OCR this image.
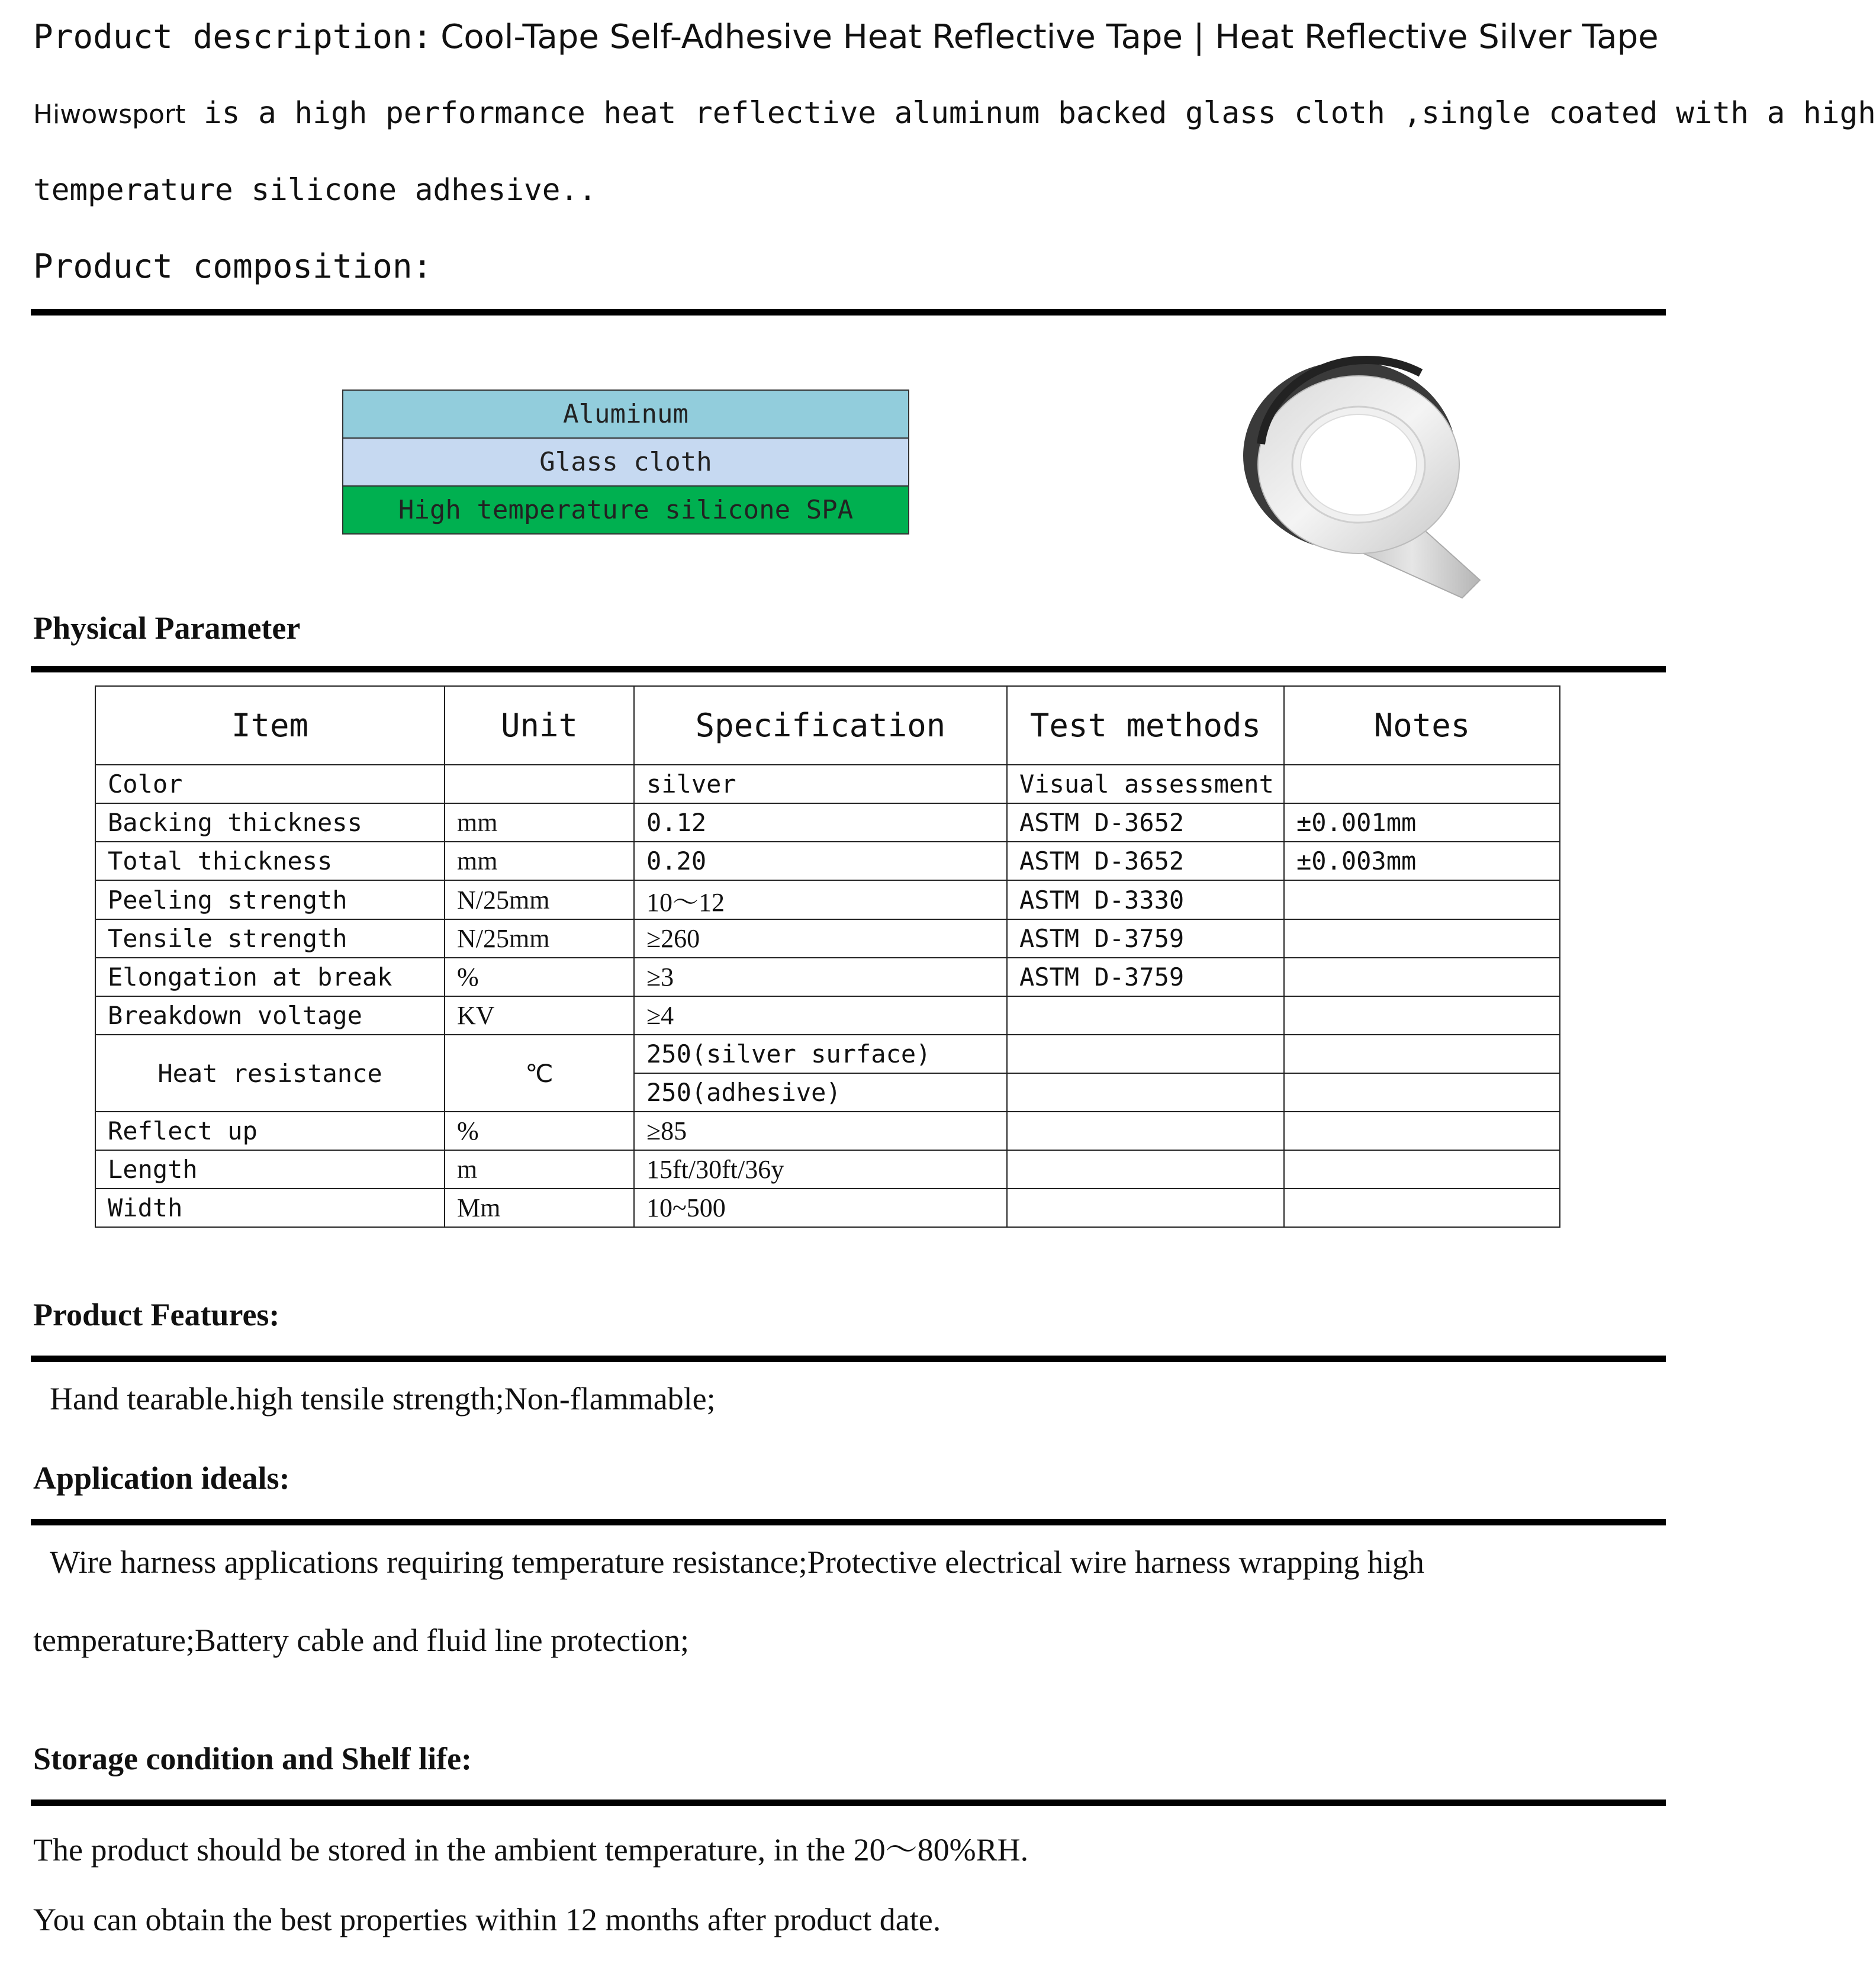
Product description: Cool-Tape Self-Adhesive Heat Reflective Tape | Heat Reflective Silver Tape
Hiwowsport is a high performance heat reflective aluminum backed glass cloth ,single coated with a high
temperature silicone adhesive..
Product composition:
Aluminum
Glass cloth
High temperature silicone SPA
Physical Parameter
Item	Unit	Specification	Test methods	Notes
Color		silver	Visual assessment	
Backing thickness	mm	0.12	ASTM D-3652	±0.001mm
Total thickness	mm	0.20	ASTM D-3652	±0.003mm
Peeling strength	N/25mm	10～12	ASTM D-3330	
Tensile strength	N/25mm	≥260	ASTM D-3759	
Elongation at break	%	≥3	ASTM D-3759	
Breakdown voltage	KV	≥4		
Heat resistance	℃	250(silver surface)		
		250(adhesive)		
Reflect up	%	≥85		
Length	m	15ft/30ft/36y		
Width	Mm	10~500		
Product Features:
Hand tearable.high tensile strength;Non-flammable;
Application ideals:
Wire harness applications requiring temperature resistance;Protective electrical wire harness wrapping high
temperature;Battery cable and fluid line protection;
Storage condition and Shelf life:
The product should be stored in the ambient temperature, in the 20～80%RH.
You can obtain the best properties within 12 months after product date.
